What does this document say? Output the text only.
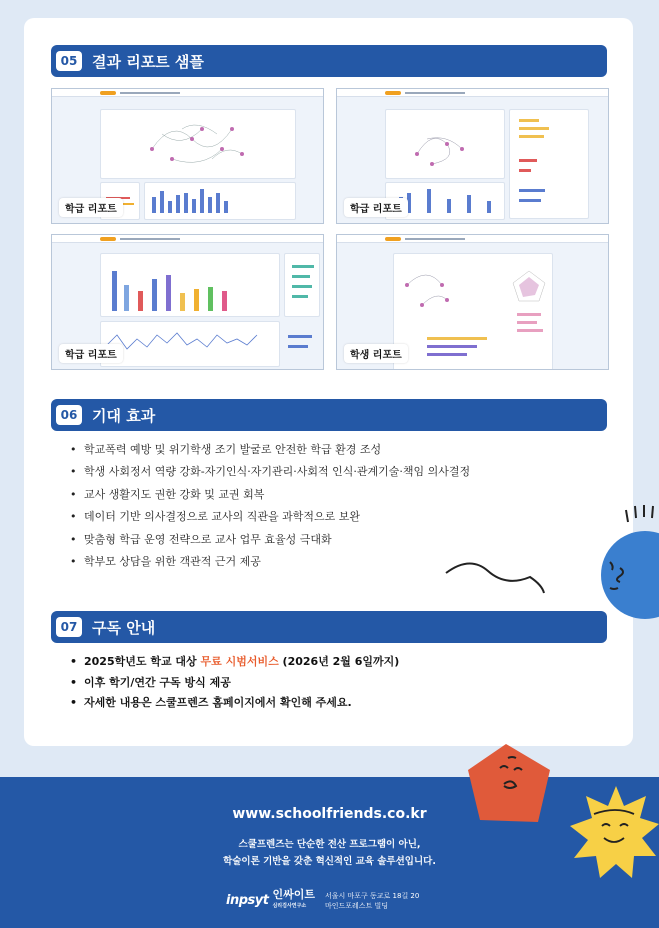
05 결과 리포트 샘플
학급 리포트	학급 리포트
학급 리포트	학생 리포트
06 기대 효과
• 학교폭력 예방 및 위기학생 조기 발굴로 안전한 학급 환경 조성
• 학생 사회정서 역량 강화-자기인식·자기관리·사회적 인식·관계기술·책임 의사결정
• 교사 생활지도 권한 강화 및 교권 회복
• 데이터 기반 의사결정으로 교사의 직관을 과학적으로 보완
• 맞춤형 학급 운영 전략으로 교사 업무 효율성 극대화
• 학부모 상담을 위한 객관적 근거 제공
07 구독 안내
• 2025학년도 학교 대상 무료 시범서비스 (2026년 2월 6일까지)
• 이후 학기/연간 구독 방식 제공
• 자세한 내용은 스쿨프렌즈 홈페이지에서 확인해 주세요.
www.schoolfriends.co.kr
스쿨프렌즈는 단순한 전산 프로그램이 아닌,
학술이론 기반을 갖춘 혁신적인 교육 솔루션입니다.
inpsyt 인싸이트
심리검사연구소
서울시 마포구 동교로 18길 20
마인드포레스트 빌딩
